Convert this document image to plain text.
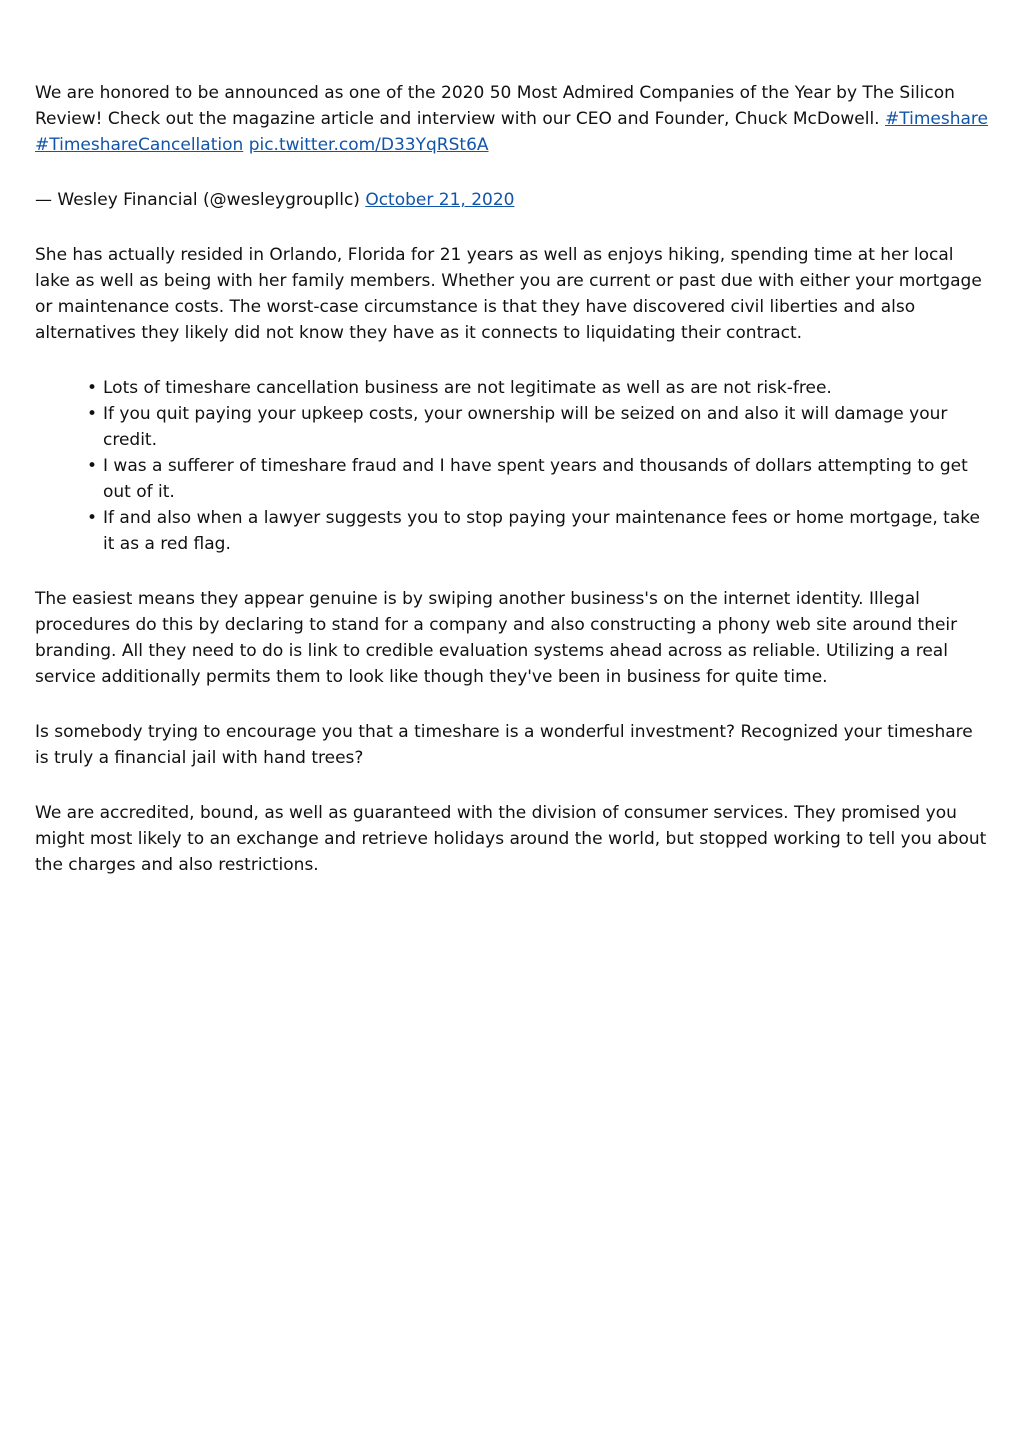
We are honored to be announced as one of the 2020 50 Most Admired Companies of the Year by The Silicon Review! Check out the magazine article and interview with our CEO and Founder, Chuck McDowell. #Timeshare #TimeshareCancellation pic.twitter.com/D33YqRSt6A

— Wesley Financial (@wesleygroupllc) October 21, 2020

She has actually resided in Orlando, Florida for 21 years as well as enjoys hiking, spending time at her local lake as well as being with her family members. Whether you are current or past due with either your mortgage or maintenance costs. The worst-case circumstance is that they have discovered civil liberties and also alternatives they likely did not know they have as it connects to liquidating their contract.

• Lots of timeshare cancellation business are not legitimate as well as are not risk-free.
• If you quit paying your upkeep costs, your ownership will be seized on and also it will damage your credit.
• I was a sufferer of timeshare fraud and I have spent years and thousands of dollars attempting to get out of it.
• If and also when a lawyer suggests you to stop paying your maintenance fees or home mortgage, take it as a red flag.

The easiest means they appear genuine is by swiping another business's on the internet identity. Illegal procedures do this by declaring to stand for a company and also constructing a phony web site around their branding. All they need to do is link to credible evaluation systems ahead across as reliable. Utilizing a real service additionally permits them to look like though they've been in business for quite time.

Is somebody trying to encourage you that a timeshare is a wonderful investment? Recognized your timeshare is truly a financial jail with hand trees?

We are accredited, bound, as well as guaranteed with the division of consumer services. They promised you might most likely to an exchange and retrieve holidays around the world, but stopped working to tell you about the charges and also restrictions.
